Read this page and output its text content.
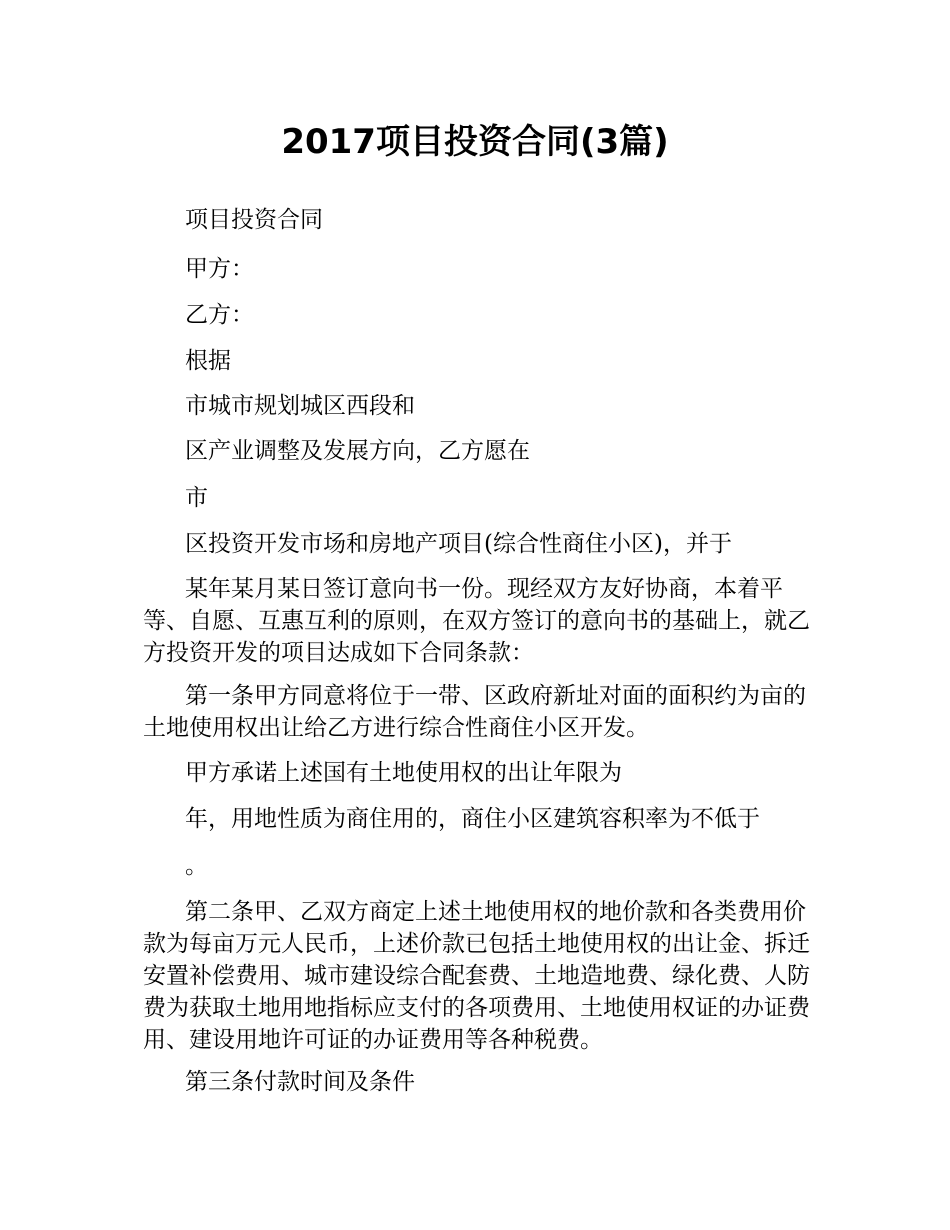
2017项目投资合同(3篇)
项目投资合同
甲方：
乙方：
根据
市城市规划城区西段和
区产业调整及发展方向，乙方愿在
市
区投资开发市场和房地产项目(综合性商住小区)，并于
某年某月某日签订意向书一份。现经双方友好协商，本着平等、自愿、互惠互利的原则，在双方签订的意向书的基础上，就乙方投资开发的项目达成如下合同条款：
第一条甲方同意将位于一带、区政府新址对面的面积约为亩的土地使用权出让给乙方进行综合性商住小区开发。
甲方承诺上述国有土地使用权的出让年限为
年，用地性质为商住用的，商住小区建筑容积率为不低于
。
第二条甲、乙双方商定上述土地使用权的地价款和各类费用价款为每亩万元人民币，上述价款已包括土地使用权的出让金、拆迁安置补偿费用、城市建设综合配套费、土地造地费、绿化费、人防费为获取土地用地指标应支付的各项费用、土地使用权证的办证费用、建设用地许可证的办证费用等各种税费。
第三条付款时间及条件
